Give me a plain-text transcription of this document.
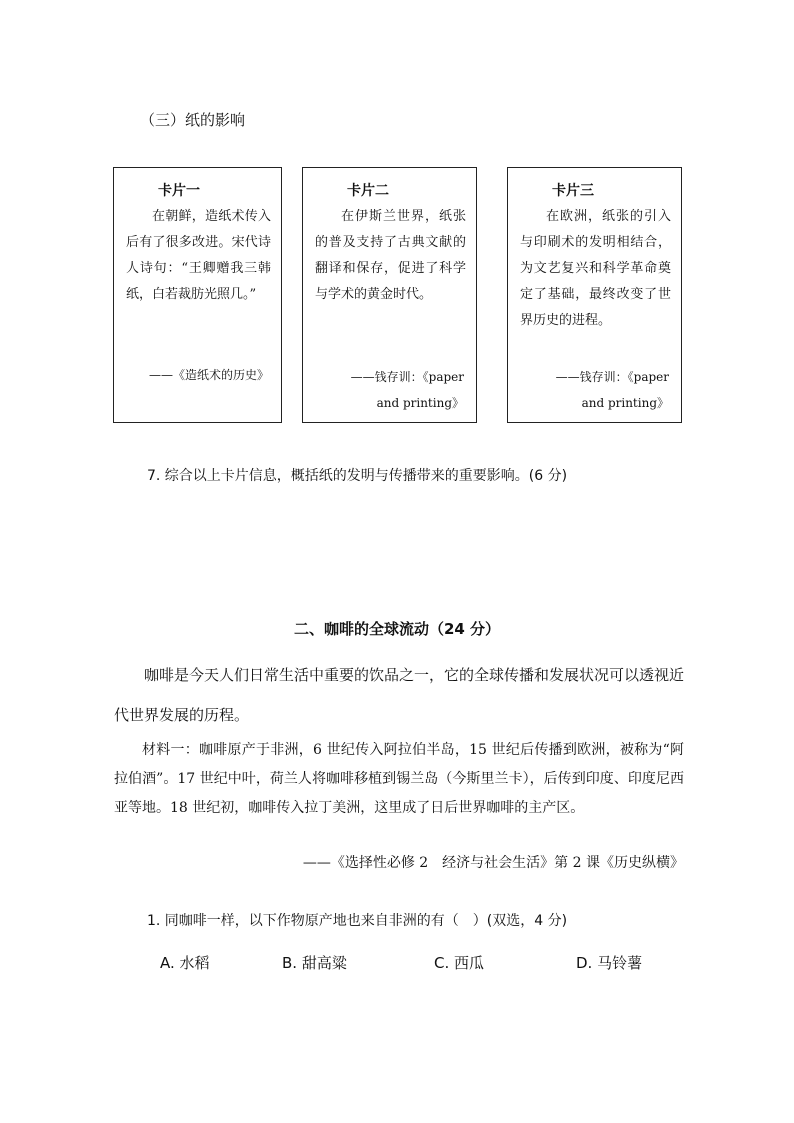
（三）纸的影响
卡片一
在朝鲜，造纸术传入后有了很多改进。宋代诗人诗句：“王卿赠我三韩纸，白若裁肪光照几。”
——《造纸术的历史》
卡片二
在伊斯兰世界，纸张的普及支持了古典文献的翻译和保存，促进了科学与学术的黄金时代。
——钱存训：《paper
and printing》
卡片三
在欧洲，纸张的引入与印刷术的发明相结合，为文艺复兴和科学革命奠定了基础，最终改变了世界历史的进程。
——钱存训：《paper
and printing》
7. 综合以上卡片信息，概括纸的发明与传播带来的重要影响。(6 分)
二、咖啡的全球流动（24 分）
咖啡是今天人们日常生活中重要的饮品之一，它的全球传播和发展状况可以透视近代世界发展的历程。
材料一：咖啡原产于非洲，6 世纪传入阿拉伯半岛，15 世纪后传播到欧洲，被称为“阿拉伯酒”。17 世纪中叶，荷兰人将咖啡移植到锡兰岛（今斯里兰卡），后传到印度、印度尼西亚等地。18 世纪初，咖啡传入拉丁美洲，这里成了日后世界咖啡的主产区。
——《选择性必修 2　经济与社会生活》第 2 课《历史纵横》
1. 同咖啡一样，以下作物原产地也来自非洲的有（　）(双选，4 分)
A. 水稻	B. 甜高粱	C. 西瓜	D. 马铃薯
